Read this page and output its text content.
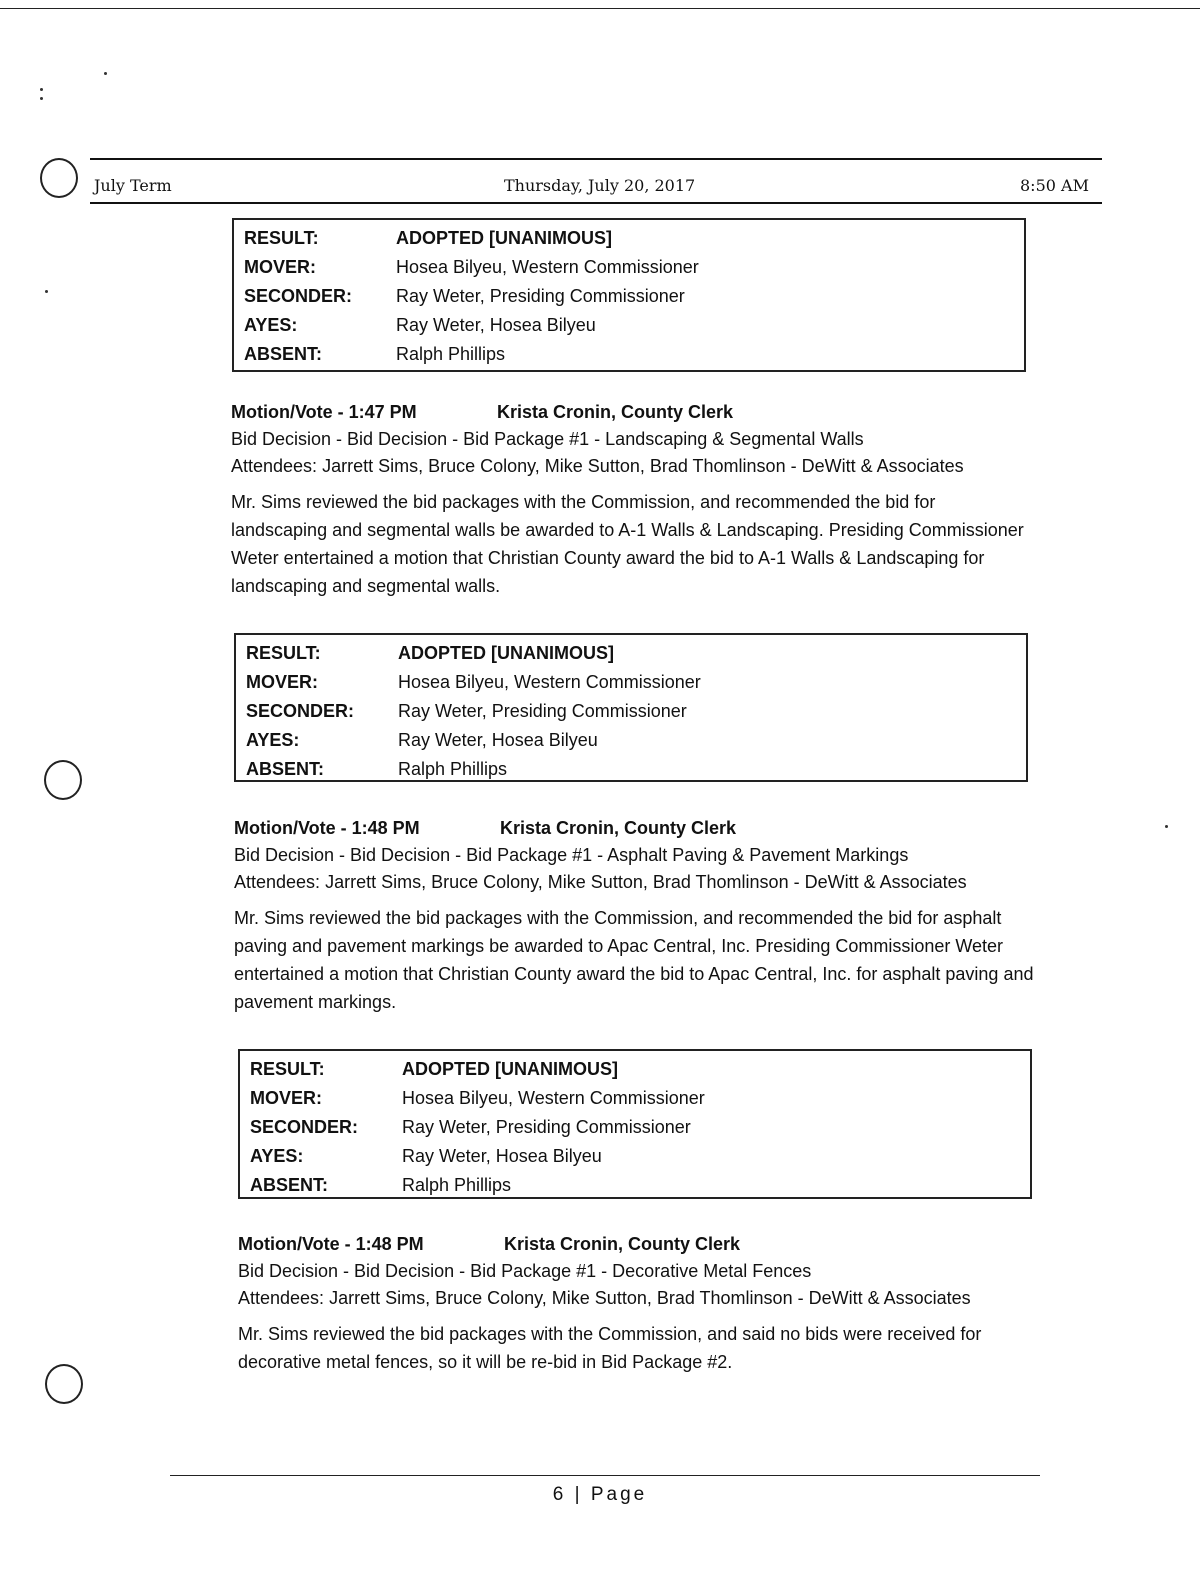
July Term	Thursday, July 20, 2017	8:50 AM
RESULT:	ADOPTED [UNANIMOUS]
MOVER:	Hosea Bilyeu, Western Commissioner
SECONDER:	Ray Weter, Presiding Commissioner
AYES:	Ray Weter, Hosea Bilyeu
ABSENT:	Ralph Phillips
Motion/Vote - 1:47 PM	Krista Cronin, County Clerk
Bid Decision - Bid Decision - Bid Package #1 - Landscaping & Segmental Walls
Attendees: Jarrett Sims, Bruce Colony, Mike Sutton, Brad Thomlinson - DeWitt & Associates
Mr. Sims reviewed the bid packages with the Commission, and recommended the bid for landscaping and segmental walls be awarded to A-1 Walls & Landscaping. Presiding Commissioner Weter entertained a motion that Christian County award the bid to A-1 Walls & Landscaping for landscaping and segmental walls.
RESULT:	ADOPTED [UNANIMOUS]
MOVER:	Hosea Bilyeu, Western Commissioner
SECONDER:	Ray Weter, Presiding Commissioner
AYES:	Ray Weter, Hosea Bilyeu
ABSENT:	Ralph Phillips
Motion/Vote - 1:48 PM	Krista Cronin, County Clerk
Bid Decision - Bid Decision - Bid Package #1 - Asphalt Paving & Pavement Markings
Attendees: Jarrett Sims, Bruce Colony, Mike Sutton, Brad Thomlinson - DeWitt & Associates
Mr. Sims reviewed the bid packages with the Commission, and recommended the bid for asphalt paving and pavement markings be awarded to Apac Central, Inc. Presiding Commissioner Weter entertained a motion that Christian County award the bid to Apac Central, Inc. for asphalt paving and pavement markings.
RESULT:	ADOPTED [UNANIMOUS]
MOVER:	Hosea Bilyeu, Western Commissioner
SECONDER:	Ray Weter, Presiding Commissioner
AYES:	Ray Weter, Hosea Bilyeu
ABSENT:	Ralph Phillips
Motion/Vote - 1:48 PM	Krista Cronin, County Clerk
Bid Decision - Bid Decision - Bid Package #1 - Decorative Metal Fences
Attendees: Jarrett Sims, Bruce Colony, Mike Sutton, Brad Thomlinson - DeWitt & Associates
Mr. Sims reviewed the bid packages with the Commission, and said no bids were received for decorative metal fences, so it will be re-bid in Bid Package #2.
6 | Page
